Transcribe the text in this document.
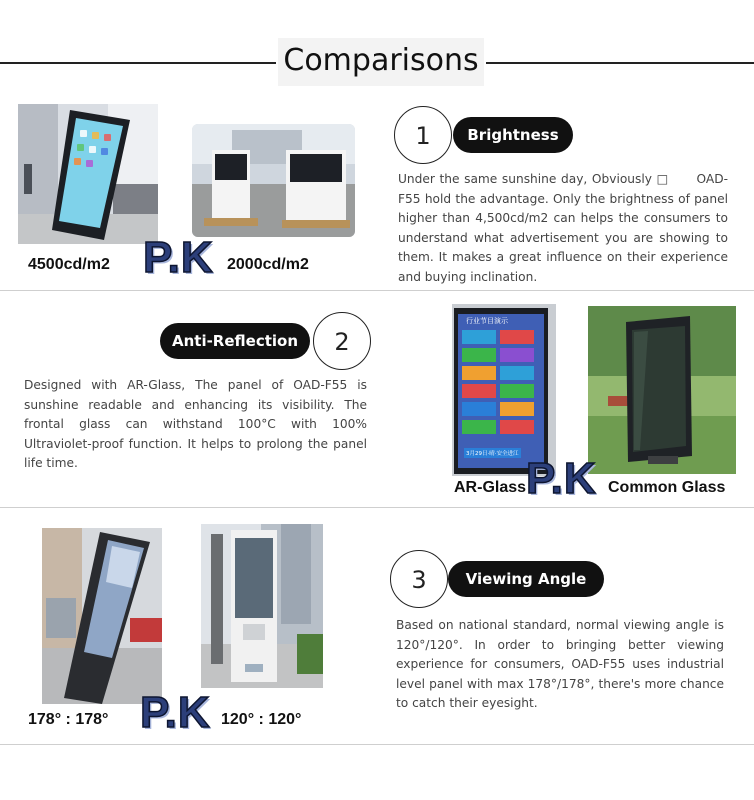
Comparisons
4500cd/m2 P.K 2000cd/m2
1	Brightness
Under the same sunshine day, Obviously □      OAD-F55 hold the advantage. Only the brightness of panel higher than 4,500cd/m2 can helps the consumers to understand what advertisement you are showing to them. It makes a great influence on their experience and buying inclination.
Anti-Reflection	2
Designed with AR-Glass, The panel of OAD-F55 is sunshine readable and enhancing its visibility. The frontal glass can withstand 100°C with 100% Ultraviolet-proof function. It helps to prolong the panel life time.
行业节目演示
3月29日·晴·安全进江
AR-Glass P.K Common Glass
178° : 178° P.K 120° : 120°
3	Viewing Angle
Based on national standard, normal viewing angle is 120°/120°. In order to bringing better viewing experience for consumers, OAD-F55 uses industrial level panel with max 178°/178°, there's more chance to catch their eyesight.
